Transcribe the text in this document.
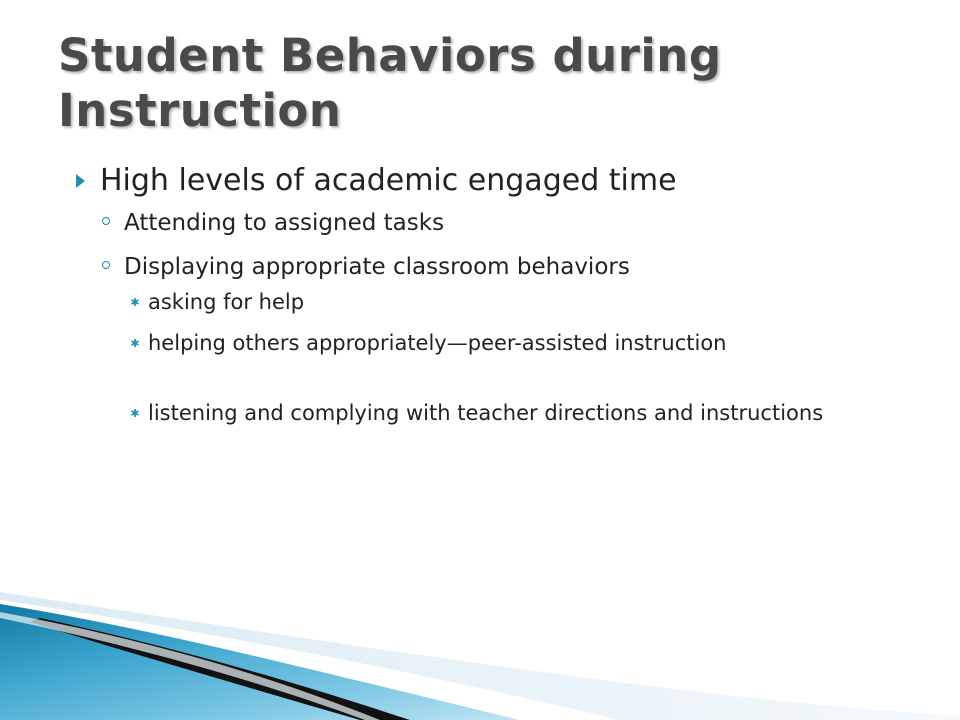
Student Behaviors during Instruction
High levels of academic engaged time
Attending to assigned tasks
Displaying appropriate classroom behaviors
✱ asking for help
✱ helping others appropriately—peer-assisted instruction
✱ listening and complying with teacher directions and instructions
